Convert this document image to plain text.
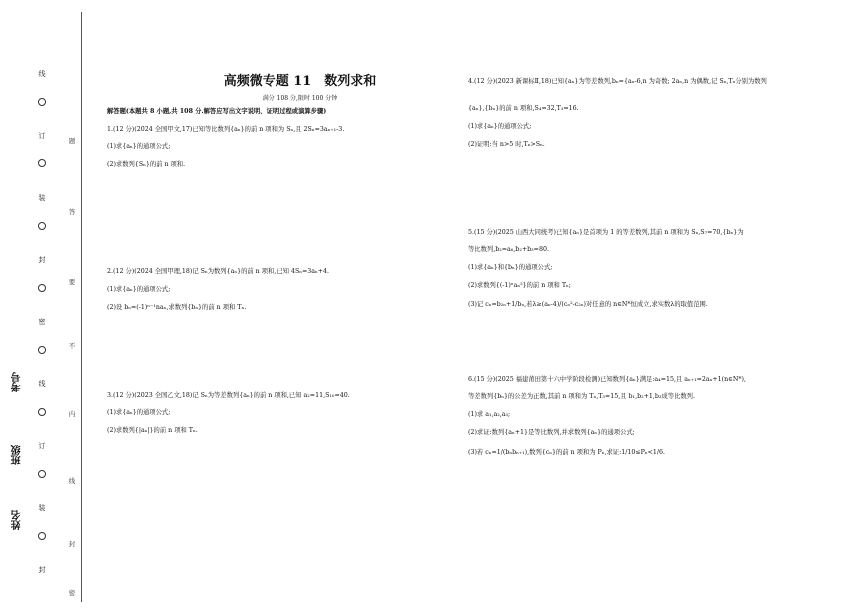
线
订
装
封
密
线
订
装
封
题
答
要
不
内
线
封
密
考号
班级
姓名
高频微专题 11　数列求和
满分 108 分,限时 100 分钟
解答题(本题共 8 小题,共 108 分.解答应写出文字说明、证明过程或演算步骤)
1.(12 分)(2024 全国甲文,17)已知等比数列{aₙ}的前 n 项和为 Sₙ,且 2Sₙ=3aₙ₊₁-3.
(1)求{aₙ}的通项公式;
(2)求数列{Sₙ}的前 n 项和.
2.(12 分)(2024 全国甲理,18)记 Sₙ为数列{aₙ}的前 n 项和,已知 4Sₙ=3aₙ+4.
(1)求{aₙ}的通项公式;
(2)设 bₙ=(-1)ⁿ⁻¹naₙ,求数列{bₙ}的前 n 项和 Tₙ.
3.(12 分)(2023 全国乙文,18)记 Sₙ为等差数列{aₙ}的前 n 项和,已知 a₂=11,S₁₀=40.
(1)求{aₙ}的通项公式;
(2)求数列{|aₙ|}的前 n 项和 Tₙ.
4.(12 分)(2023 新课标Ⅱ,18)已知{aₙ}为等差数列,bₙ={aₙ-6,n 为奇数; 2aₙ,n 为偶数,记 Sₙ,Tₙ分别为数列
{aₙ},{bₙ}的前 n 项和,S₄=32,T₃=16.
(1)求{aₙ}的通项公式;
(2)证明:当 n>5 时,Tₙ>Sₙ.
5.(15 分)(2025 山西大同统考)已知{aₙ}是首项为 1 的等差数列,其前 n 项和为 Sₙ,S₇=70,{bₙ}为
等比数列,b₂=a₆,b₂+b₃=80.
(1)求{aₙ}和{bₙ}的通项公式;
(2)求数列{(-1)ⁿaₙ²}的前 n 项和 Tₙ;
(3)记 cₙ=b₂ₙ+1/bₙ,若λ≥(aₙ-4)/(cₙ²-c₂ₙ)对任意的 n∈N*恒成立,求实数λ的取值范围.
6.(15 分)(2025 福建莆田第十六中学阶段检测)已知数列{aₙ}满足:a₄=15,且 aₙ₊₁=2aₙ+1(n∈N*),
等差数列{bₙ}的公差为正数,其前 n 项和为 Tₙ,T₃=15,且 b₁,b₂+1,b₃成等比数列.
(1)求 a₁,a₂,a₃;
(2)求证:数列{aₙ+1}是等比数列,并求数列{aₙ}的通项公式;
(3)若 cₙ=1/(bₙbₙ₊₁),数列{cₙ}的前 n 项和为 Pₙ,求证:1/10≤Pₙ<1/6.
